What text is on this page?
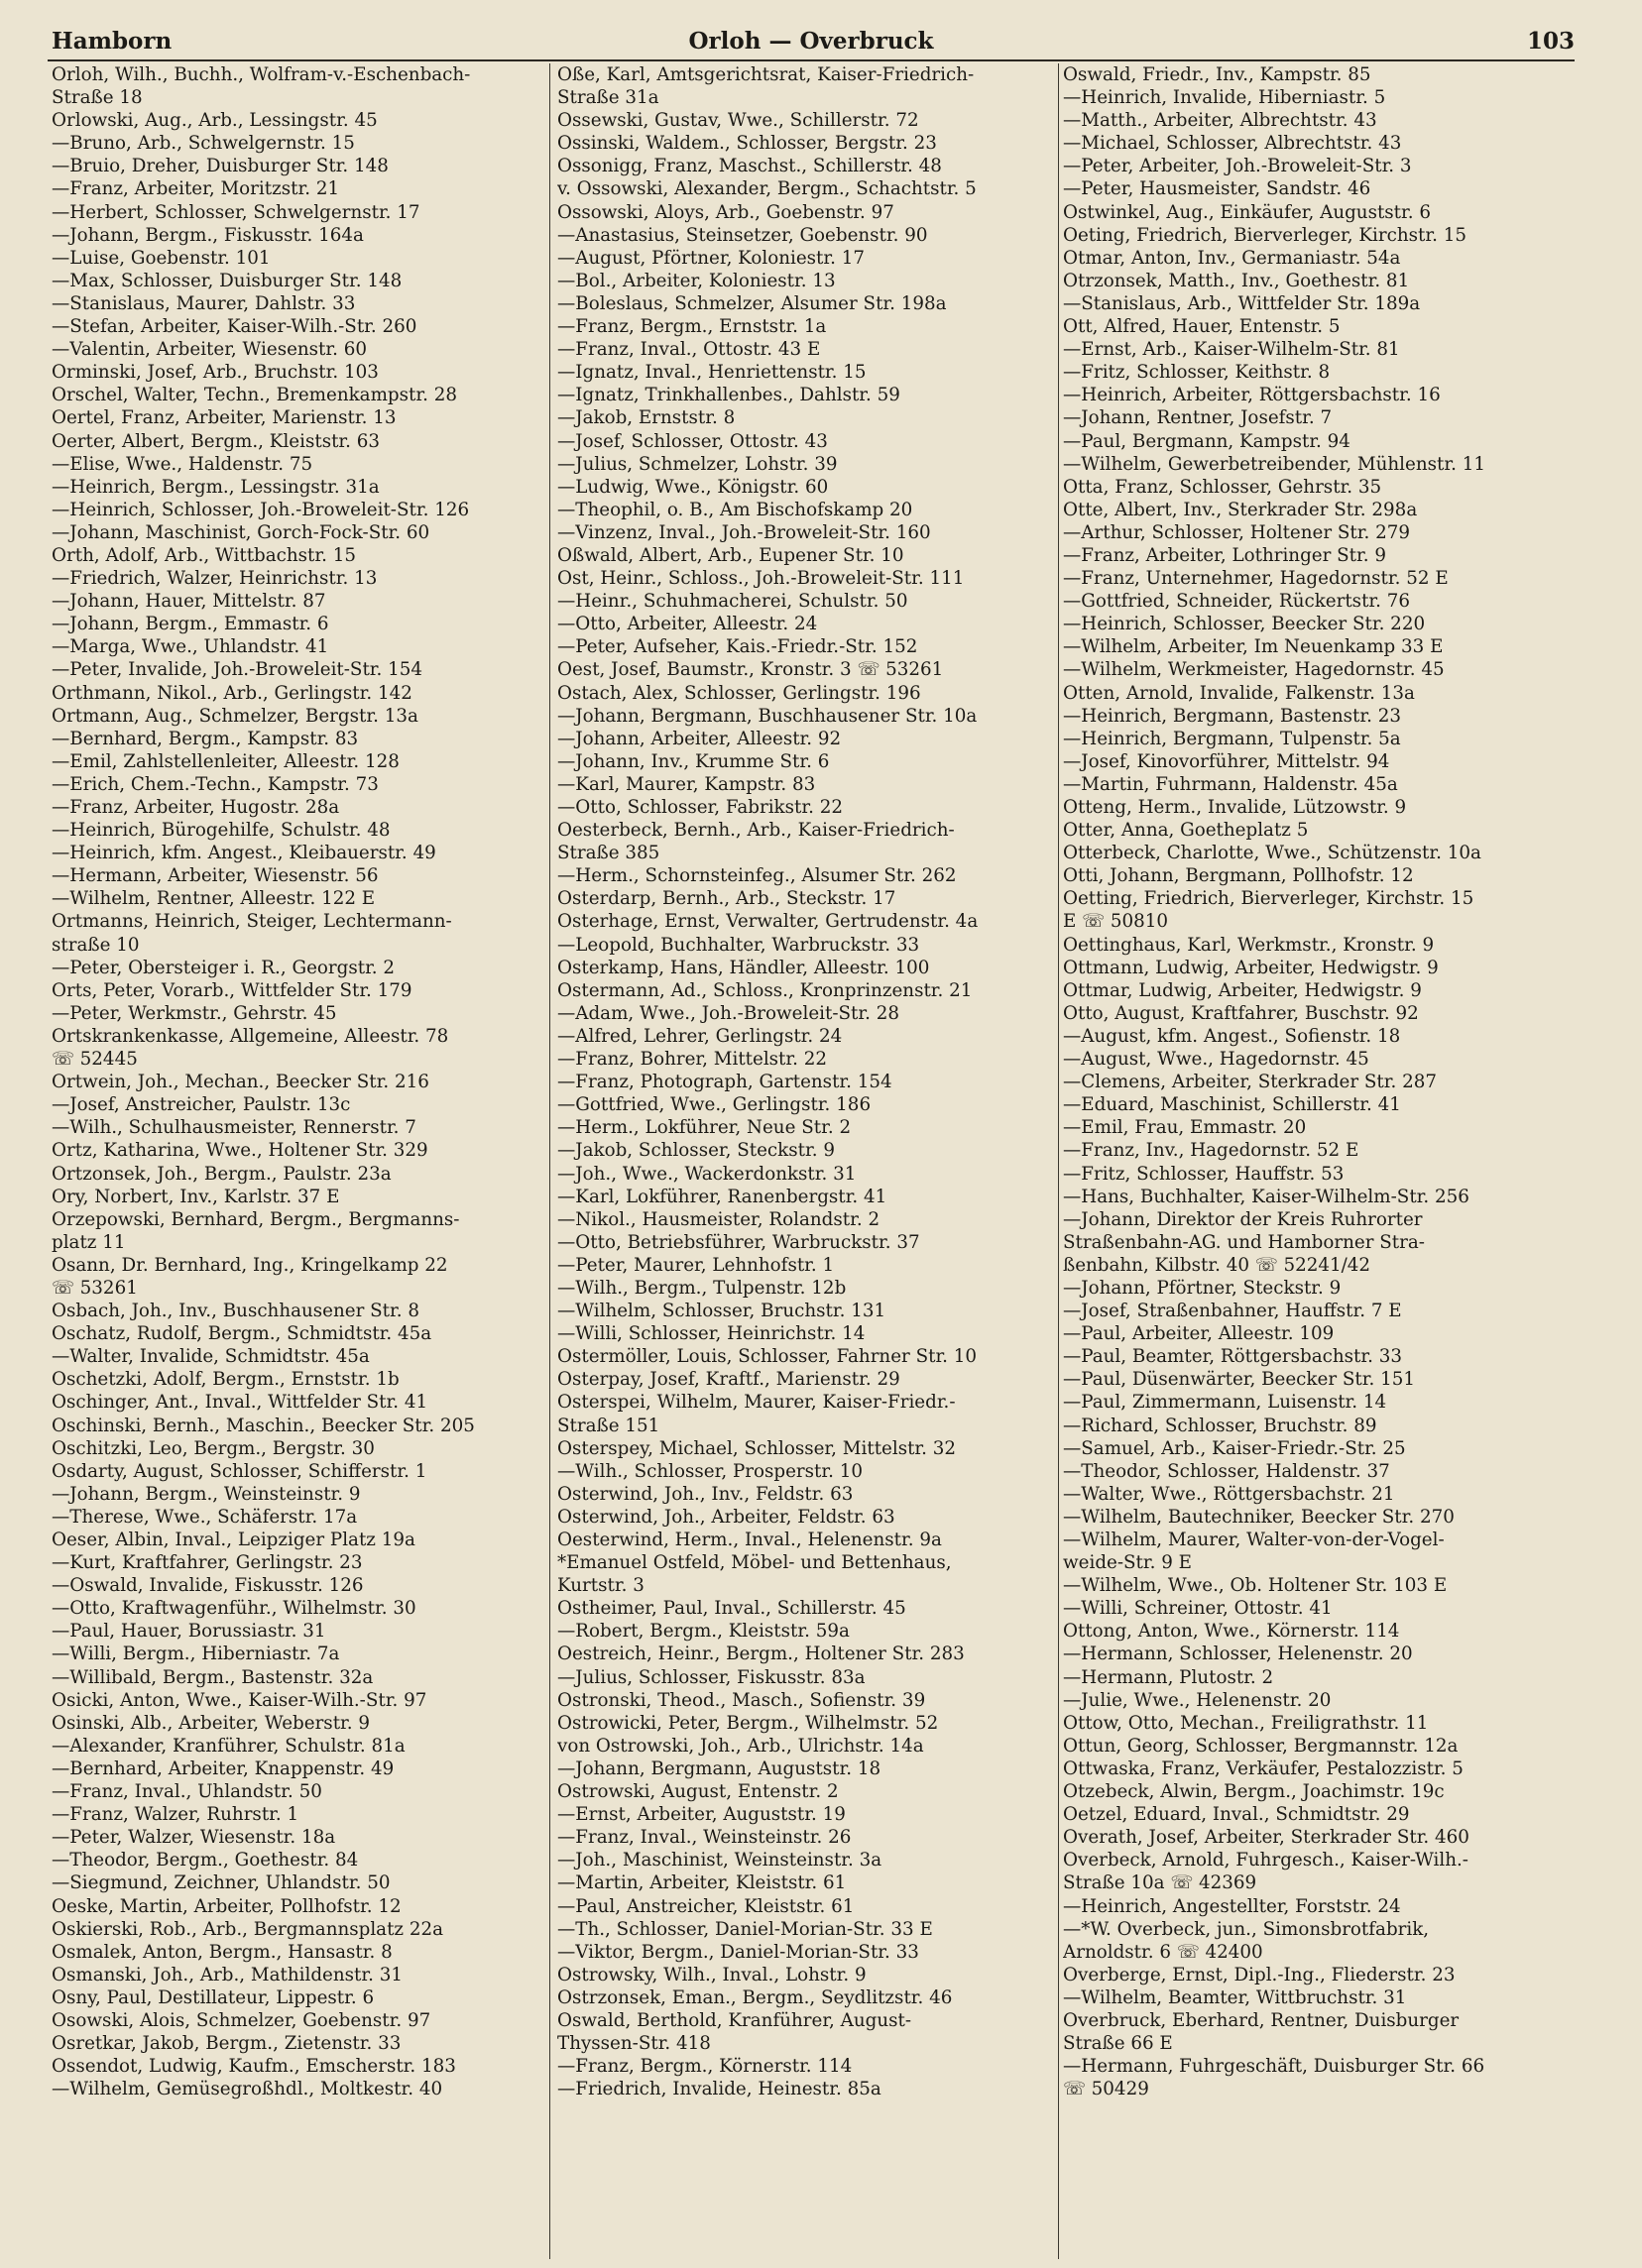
Hamborn	Orloh — Overbruck	103
Orloh, Wilh., Buchh., Wolfram-v.-Eschenbach-
Straße 18
Orlowski, Aug., Arb., Lessingstr. 45
—Bruno, Arb., Schwelgernstr. 15
—Bruio, Dreher, Duisburger Str. 148
—Franz, Arbeiter, Moritzstr. 21
—Herbert, Schlosser, Schwelgernstr. 17
—Johann, Bergm., Fiskusstr. 164a
—Luise, Goebenstr. 101
—Max, Schlosser, Duisburger Str. 148
—Stanislaus, Maurer, Dahlstr. 33
—Stefan, Arbeiter, Kaiser-Wilh.-Str. 260
—Valentin, Arbeiter, Wiesenstr. 60
Orminski, Josef, Arb., Bruchstr. 103
Orschel, Walter, Techn., Bremenkampstr. 28
Oertel, Franz, Arbeiter, Marienstr. 13
Oerter, Albert, Bergm., Kleiststr. 63
—Elise, Wwe., Haldenstr. 75
—Heinrich, Bergm., Lessingstr. 31a
—Heinrich, Schlosser, Joh.-Broweleit-Str. 126
—Johann, Maschinist, Gorch-Fock-Str. 60
Orth, Adolf, Arb., Wittbachstr. 15
—Friedrich, Walzer, Heinrichstr. 13
—Johann, Hauer, Mittelstr. 87
—Johann, Bergm., Emmastr. 6
—Marga, Wwe., Uhlandstr. 41
—Peter, Invalide, Joh.-Broweleit-Str. 154
Orthmann, Nikol., Arb., Gerlingstr. 142
Ortmann, Aug., Schmelzer, Bergstr. 13a
—Bernhard, Bergm., Kampstr. 83
—Emil, Zahlstellenleiter, Alleestr. 128
—Erich, Chem.-Techn., Kampstr. 73
—Franz, Arbeiter, Hugostr. 28a
—Heinrich, Bürogehilfe, Schulstr. 48
—Heinrich, kfm. Angest., Kleibauerstr. 49
—Hermann, Arbeiter, Wiesenstr. 56
—Wilhelm, Rentner, Alleestr. 122 E
Ortmanns, Heinrich, Steiger, Lechtermann-
straße 10
—Peter, Obersteiger i. R., Georgstr. 2
Orts, Peter, Vorarb., Wittfelder Str. 179
—Peter, Werkmstr., Gehrstr. 45
Ortskrankenkasse, Allgemeine, Alleestr. 78
☏ 52445
Ortwein, Joh., Mechan., Beecker Str. 216
—Josef, Anstreicher, Paulstr. 13c
—Wilh., Schulhausmeister, Rennerstr. 7
Ortz, Katharina, Wwe., Holtener Str. 329
Ortzonsek, Joh., Bergm., Paulstr. 23a
Ory, Norbert, Inv., Karlstr. 37 E
Orzepowski, Bernhard, Bergm., Bergmanns-
platz 11
Osann, Dr. Bernhard, Ing., Kringelkamp 22
☏ 53261
Osbach, Joh., Inv., Buschhausener Str. 8
Oschatz, Rudolf, Bergm., Schmidtstr. 45a
—Walter, Invalide, Schmidtstr. 45a
Oschetzki, Adolf, Bergm., Ernststr. 1b
Oschinger, Ant., Inval., Wittfelder Str. 41
Oschinski, Bernh., Maschin., Beecker Str. 205
Oschitzki, Leo, Bergm., Bergstr. 30
Osdarty, August, Schlosser, Schifferstr. 1
—Johann, Bergm., Weinsteinstr. 9
—Therese, Wwe., Schäferstr. 17a
Oeser, Albin, Inval., Leipziger Platz 19a
—Kurt, Kraftfahrer, Gerlingstr. 23
—Oswald, Invalide, Fiskusstr. 126
—Otto, Kraftwagenführ., Wilhelmstr. 30
—Paul, Hauer, Borussiastr. 31
—Willi, Bergm., Hiberniastr. 7a
—Willibald, Bergm., Bastenstr. 32a
Osicki, Anton, Wwe., Kaiser-Wilh.-Str. 97
Osinski, Alb., Arbeiter, Weberstr. 9
—Alexander, Kranführer, Schulstr. 81a
—Bernhard, Arbeiter, Knappenstr. 49
—Franz, Inval., Uhlandstr. 50
—Franz, Walzer, Ruhrstr. 1
—Peter, Walzer, Wiesenstr. 18a
—Theodor, Bergm., Goethestr. 84
—Siegmund, Zeichner, Uhlandstr. 50
Oeske, Martin, Arbeiter, Pollhofstr. 12
Oskierski, Rob., Arb., Bergmannsplatz 22a
Osmalek, Anton, Bergm., Hansastr. 8
Osmanski, Joh., Arb., Mathildenstr. 31
Osny, Paul, Destillateur, Lippestr. 6
Osowski, Alois, Schmelzer, Goebenstr. 97
Osretkar, Jakob, Bergm., Zietenstr. 33
Ossendot, Ludwig, Kaufm., Emscherstr. 183
—Wilhelm, Gemüsegroßhdl., Moltkestr. 40
Oße, Karl, Amtsgerichtsrat, Kaiser-Friedrich-
Straße 31a
Ossewski, Gustav, Wwe., Schillerstr. 72
Ossinski, Waldem., Schlosser, Bergstr. 23
Ossonigg, Franz, Maschst., Schillerstr. 48
v. Ossowski, Alexander, Bergm., Schachtstr. 5
Ossowski, Aloys, Arb., Goebenstr. 97
—Anastasius, Steinsetzer, Goebenstr. 90
—August, Pförtner, Koloniestr. 17
—Bol., Arbeiter, Koloniestr. 13
—Boleslaus, Schmelzer, Alsumer Str. 198a
—Franz, Bergm., Ernststr. 1a
—Franz, Inval., Ottostr. 43 E
—Ignatz, Inval., Henriettenstr. 15
—Ignatz, Trinkhallenbes., Dahlstr. 59
—Jakob, Ernststr. 8
—Josef, Schlosser, Ottostr. 43
—Julius, Schmelzer, Lohstr. 39
—Ludwig, Wwe., Königstr. 60
—Theophil, o. B., Am Bischofskamp 20
—Vinzenz, Inval., Joh.-Broweleit-Str. 160
Oßwald, Albert, Arb., Eupener Str. 10
Ost, Heinr., Schloss., Joh.-Broweleit-Str. 111
—Heinr., Schuhmacherei, Schulstr. 50
—Otto, Arbeiter, Alleestr. 24
—Peter, Aufseher, Kais.-Friedr.-Str. 152
Oest, Josef, Baumstr., Kronstr. 3 ☏ 53261
Ostach, Alex, Schlosser, Gerlingstr. 196
—Johann, Bergmann, Buschhausener Str. 10a
—Johann, Arbeiter, Alleestr. 92
—Johann, Inv., Krumme Str. 6
—Karl, Maurer, Kampstr. 83
—Otto, Schlosser, Fabrikstr. 22
Oesterbeck, Bernh., Arb., Kaiser-Friedrich-
Straße 385
—Herm., Schornsteinfeg., Alsumer Str. 262
Osterdarp, Bernh., Arb., Steckstr. 17
Osterhage, Ernst, Verwalter, Gertrudenstr. 4a
—Leopold, Buchhalter, Warbruckstr. 33
Osterkamp, Hans, Händler, Alleestr. 100
Ostermann, Ad., Schloss., Kronprinzenstr. 21
—Adam, Wwe., Joh.-Broweleit-Str. 28
—Alfred, Lehrer, Gerlingstr. 24
—Franz, Bohrer, Mittelstr. 22
—Franz, Photograph, Gartenstr. 154
—Gottfried, Wwe., Gerlingstr. 186
—Herm., Lokführer, Neue Str. 2
—Jakob, Schlosser, Steckstr. 9
—Joh., Wwe., Wackerdonkstr. 31
—Karl, Lokführer, Ranenbergstr. 41
—Nikol., Hausmeister, Rolandstr. 2
—Otto, Betriebsführer, Warbruckstr. 37
—Peter, Maurer, Lehnhofstr. 1
—Wilh., Bergm., Tulpenstr. 12b
—Wilhelm, Schlosser, Bruchstr. 131
—Willi, Schlosser, Heinrichstr. 14
Ostermöller, Louis, Schlosser, Fahrner Str. 10
Osterpay, Josef, Kraftf., Marienstr. 29
Osterspei, Wilhelm, Maurer, Kaiser-Friedr.-
Straße 151
Osterspey, Michael, Schlosser, Mittelstr. 32
—Wilh., Schlosser, Prosperstr. 10
Osterwind, Joh., Inv., Feldstr. 63
Osterwind, Joh., Arbeiter, Feldstr. 63
Oesterwind, Herm., Inval., Helenenstr. 9a
*Emanuel Ostfeld, Möbel- und Bettenhaus,
Kurtstr. 3
Ostheimer, Paul, Inval., Schillerstr. 45
—Robert, Bergm., Kleiststr. 59a
Oestreich, Heinr., Bergm., Holtener Str. 283
—Julius, Schlosser, Fiskusstr. 83a
Ostronski, Theod., Masch., Sofienstr. 39
Ostrowicki, Peter, Bergm., Wilhelmstr. 52
von Ostrowski, Joh., Arb., Ulrichstr. 14a
—Johann, Bergmann, Auguststr. 18
Ostrowski, August, Entenstr. 2
—Ernst, Arbeiter, Auguststr. 19
—Franz, Inval., Weinsteinstr. 26
—Joh., Maschinist, Weinsteinstr. 3a
—Martin, Arbeiter, Kleiststr. 61
—Paul, Anstreicher, Kleiststr. 61
—Th., Schlosser, Daniel-Morian-Str. 33 E
—Viktor, Bergm., Daniel-Morian-Str. 33
Ostrowsky, Wilh., Inval., Lohstr. 9
Ostrzonsek, Eman., Bergm., Seydlitzstr. 46
Oswald, Berthold, Kranführer, August-
Thyssen-Str. 418
—Franz, Bergm., Körnerstr. 114
—Friedrich, Invalide, Heinestr. 85a
Oswald, Friedr., Inv., Kampstr. 85
—Heinrich, Invalide, Hiberniastr. 5
—Matth., Arbeiter, Albrechtstr. 43
—Michael, Schlosser, Albrechtstr. 43
—Peter, Arbeiter, Joh.-Broweleit-Str. 3
—Peter, Hausmeister, Sandstr. 46
Ostwinkel, Aug., Einkäufer, Auguststr. 6
Oeting, Friedrich, Bierverleger, Kirchstr. 15
Otmar, Anton, Inv., Germaniastr. 54a
Otrzonsek, Matth., Inv., Goethestr. 81
—Stanislaus, Arb., Wittfelder Str. 189a
Ott, Alfred, Hauer, Entenstr. 5
—Ernst, Arb., Kaiser-Wilhelm-Str. 81
—Fritz, Schlosser, Keithstr. 8
—Heinrich, Arbeiter, Röttgersbachstr. 16
—Johann, Rentner, Josefstr. 7
—Paul, Bergmann, Kampstr. 94
—Wilhelm, Gewerbetreibender, Mühlenstr. 11
Otta, Franz, Schlosser, Gehrstr. 35
Otte, Albert, Inv., Sterkrader Str. 298a
—Arthur, Schlosser, Holtener Str. 279
—Franz, Arbeiter, Lothringer Str. 9
—Franz, Unternehmer, Hagedornstr. 52 E
—Gottfried, Schneider, Rückertstr. 76
—Heinrich, Schlosser, Beecker Str. 220
—Wilhelm, Arbeiter, Im Neuenkamp 33 E
—Wilhelm, Werkmeister, Hagedornstr. 45
Otten, Arnold, Invalide, Falkenstr. 13a
—Heinrich, Bergmann, Bastenstr. 23
—Heinrich, Bergmann, Tulpenstr. 5a
—Josef, Kinovorführer, Mittelstr. 94
—Martin, Fuhrmann, Haldenstr. 45a
Otteng, Herm., Invalide, Lützowstr. 9
Otter, Anna, Goetheplatz 5
Otterbeck, Charlotte, Wwe., Schützenstr. 10a
Otti, Johann, Bergmann, Pollhofstr. 12
Oetting, Friedrich, Bierverleger, Kirchstr. 15
E ☏ 50810
Oettinghaus, Karl, Werkmstr., Kronstr. 9
Ottmann, Ludwig, Arbeiter, Hedwigstr. 9
Ottmar, Ludwig, Arbeiter, Hedwigstr. 9
Otto, August, Kraftfahrer, Buschstr. 92
—August, kfm. Angest., Sofienstr. 18
—August, Wwe., Hagedornstr. 45
—Clemens, Arbeiter, Sterkrader Str. 287
—Eduard, Maschinist, Schillerstr. 41
—Emil, Frau, Emmastr. 20
—Franz, Inv., Hagedornstr. 52 E
—Fritz, Schlosser, Hauffstr. 53
—Hans, Buchhalter, Kaiser-Wilhelm-Str. 256
—Johann, Direktor der Kreis Ruhrorter
Straßenbahn-AG. und Hamborner Stra-
ßenbahn, Kilbstr. 40 ☏ 52241/42
—Johann, Pförtner, Steckstr. 9
—Josef, Straßenbahner, Hauffstr. 7 E
—Paul, Arbeiter, Alleestr. 109
—Paul, Beamter, Röttgersbachstr. 33
—Paul, Düsenwärter, Beecker Str. 151
—Paul, Zimmermann, Luisenstr. 14
—Richard, Schlosser, Bruchstr. 89
—Samuel, Arb., Kaiser-Friedr.-Str. 25
—Theodor, Schlosser, Haldenstr. 37
—Walter, Wwe., Röttgersbachstr. 21
—Wilhelm, Bautechniker, Beecker Str. 270
—Wilhelm, Maurer, Walter-von-der-Vogel-
weide-Str. 9 E
—Wilhelm, Wwe., Ob. Holtener Str. 103 E
—Willi, Schreiner, Ottostr. 41
Ottong, Anton, Wwe., Körnerstr. 114
—Hermann, Schlosser, Helenenstr. 20
—Hermann, Plutostr. 2
—Julie, Wwe., Helenenstr. 20
Ottow, Otto, Mechan., Freiligrathstr. 11
Ottun, Georg, Schlosser, Bergmannstr. 12a
Ottwaska, Franz, Verkäufer, Pestalozzistr. 5
Otzebeck, Alwin, Bergm., Joachimstr. 19c
Oetzel, Eduard, Inval., Schmidtstr. 29
Overath, Josef, Arbeiter, Sterkrader Str. 460
Overbeck, Arnold, Fuhrgesch., Kaiser-Wilh.-
Straße 10a ☏ 42369
—Heinrich, Angestellter, Forststr. 24
—*W. Overbeck, jun., Simonsbrotfabrik,
Arnoldstr. 6 ☏ 42400
Overberge, Ernst, Dipl.-Ing., Fliederstr. 23
—Wilhelm, Beamter, Wittbruchstr. 31
Overbruck, Eberhard, Rentner, Duisburger
Straße 66 E
—Hermann, Fuhrgeschäft, Duisburger Str. 66
☏ 50429
